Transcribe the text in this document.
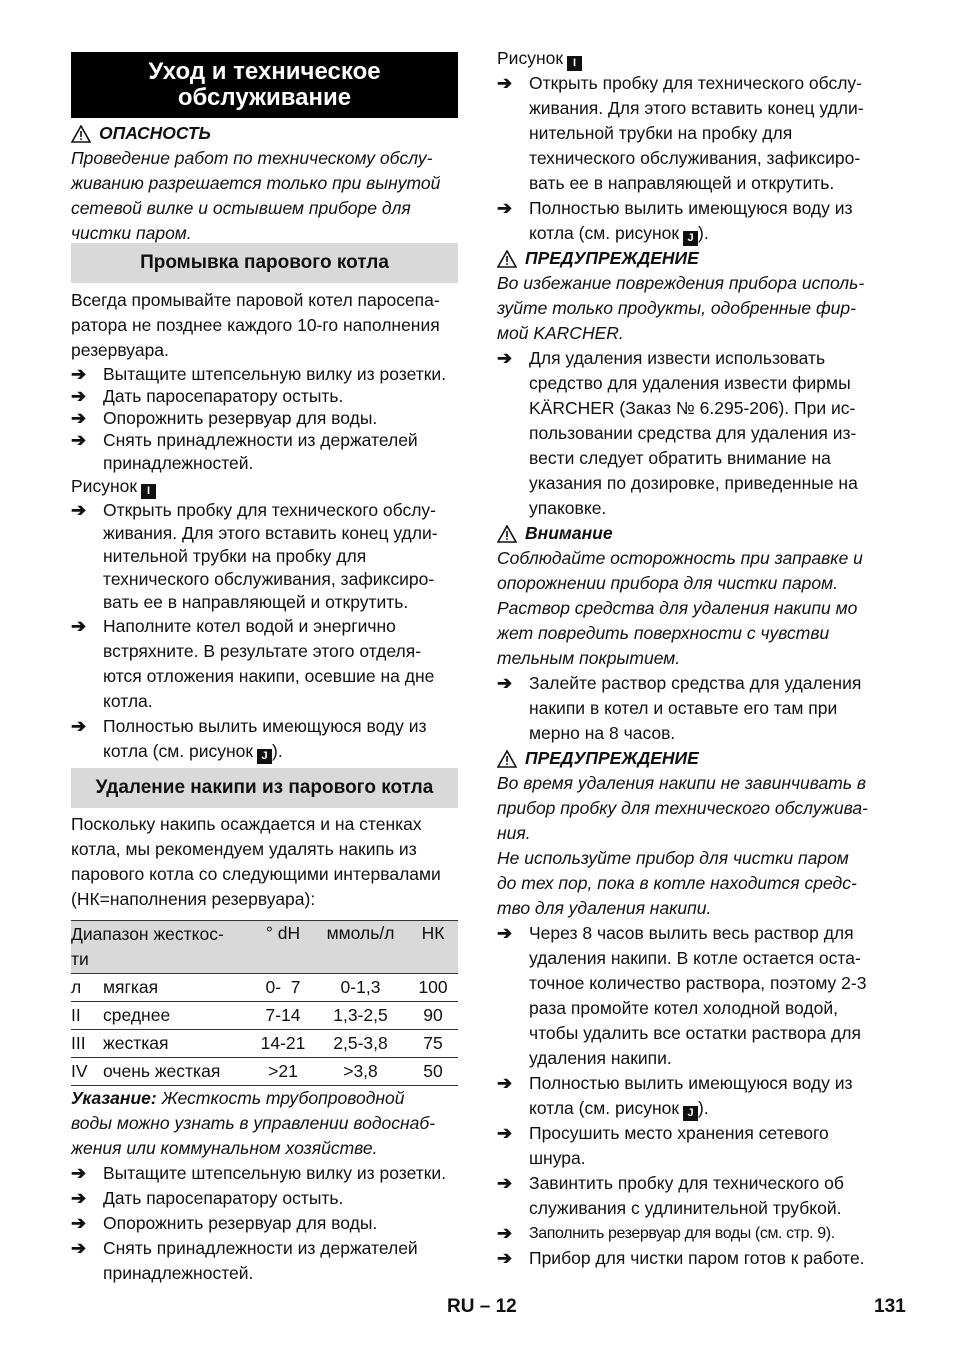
Уход и техническое
обслуживание
ОПАСНОСТЬ

Проведение работ по техническому обслу-

живанию разрешается только при вынутой

сетевой вилке и остывшем приборе для

чистки паром.

Промывка парового котла

Всегда промывайте паровой котел паросепа-

ратора не позднее каждого 10-го наполнения

резервуара.

➔ Вытащите штепсельную вилку из розетки.
➔ Дать паросепаратору остыть.
➔ Опорожнить резервуар для воды.
➔ Снять принадлежности из держателей
принадлежностей.
Рисунок I
➔ Открыть пробку для технического обслу-
живания. Для этого вставить конец удли-
нительной трубки на пробку для
технического обслуживания, зафиксиро-
вать ее в направляющей и открутить.
➔ Наполните котел водой и энергично
встряхните. В результате этого отделя-
ются отложения накипи, осевшие на дне
котла.
➔ Полностью вылить имеющуюся воду из
котла (см. рисунок J ).
Удаление накипи из парового котла

Поскольку накипь осаждается и на стенках

котла, мы рекомендуем удалять накипь из

парового котла со следующими интервалами

(НК=наполнения резервуара):

Диапазон жесткос-
ти		° dH	ммоль/л	НК
л	мягкая	0-  7	0-1,3	100
II	среднее	7-14	1,3-2,5	90
III	жесткая	14-21	2,5-3,8	75
IV	очень жесткая	>21	>3,8	50

Указание: Жесткость трубопроводной

воды можно узнать в управлении водоснаб-

жения или коммунальном хозяйстве.

➔ Вытащите штепсельную вилку из розетки.
➔ Дать паросепаратору остыть.
➔ Опорожнить резервуар для воды.
➔ Снять принадлежности из держателей
принадлежностей.
Рисунок I
➔ Открыть пробку для технического обслу-
живания. Для этого вставить конец удли-
нительной трубки на пробку для
технического обслуживания, зафиксиро-
вать ее в направляющей и открутить.
➔ Полностью вылить имеющуюся воду из
котла (см. рисунок J ).
ПРЕДУПРЕЖДЕНИЕ

Во избежание повреждения прибора исполь-

зуйте только продукты, одобренные фир-

мой KARCHER.

➔ Для удаления извести использовать
средство для удаления извести фирмы
KÄRCHER (Заказ № 6.295-206). При ис-
пользовании средства для удаления из-
вести следует обратить внимание на
указания по дозировке, приведенные на
упаковке.
Внимание

Соблюдайте осторожность при заправке и

опорожнении прибора для чистки паром.

Раствор средства для удаления накипи мо

жет повредить поверхности с чувстви

тельным покрытием.

➔ Залейте раствор средства для удаления
накипи в котел и оставьте его там при
мерно на 8 часов.
ПРЕДУПРЕЖДЕНИЕ

Во время удаления накипи не завинчивать в

прибор пробку для технического обслужива-

ния.

Не используйте прибор для чистки паром

до тех пор, пока в котле находится средс-

тво для удаления накипи.

➔ Через 8 часов вылить весь раствор для
удаления накипи. В котле остается оста-
точное количество раствора, поэтому 2-3
раза промойте котел холодной водой,
чтобы удалить все остатки раствора для
удаления накипи.
➔ Полностью вылить имеющуюся воду из
котла (см. рисунок J ).
➔ Просушить место хранения сетевого
шнура.
➔ Завинтить пробку для технического об
служивания с удлинительной трубкой.
➔	Заполнить резервуар для воды (см. стр. 9).
➔ Прибор для чистки паром готов к работе.
RU – 12	131
